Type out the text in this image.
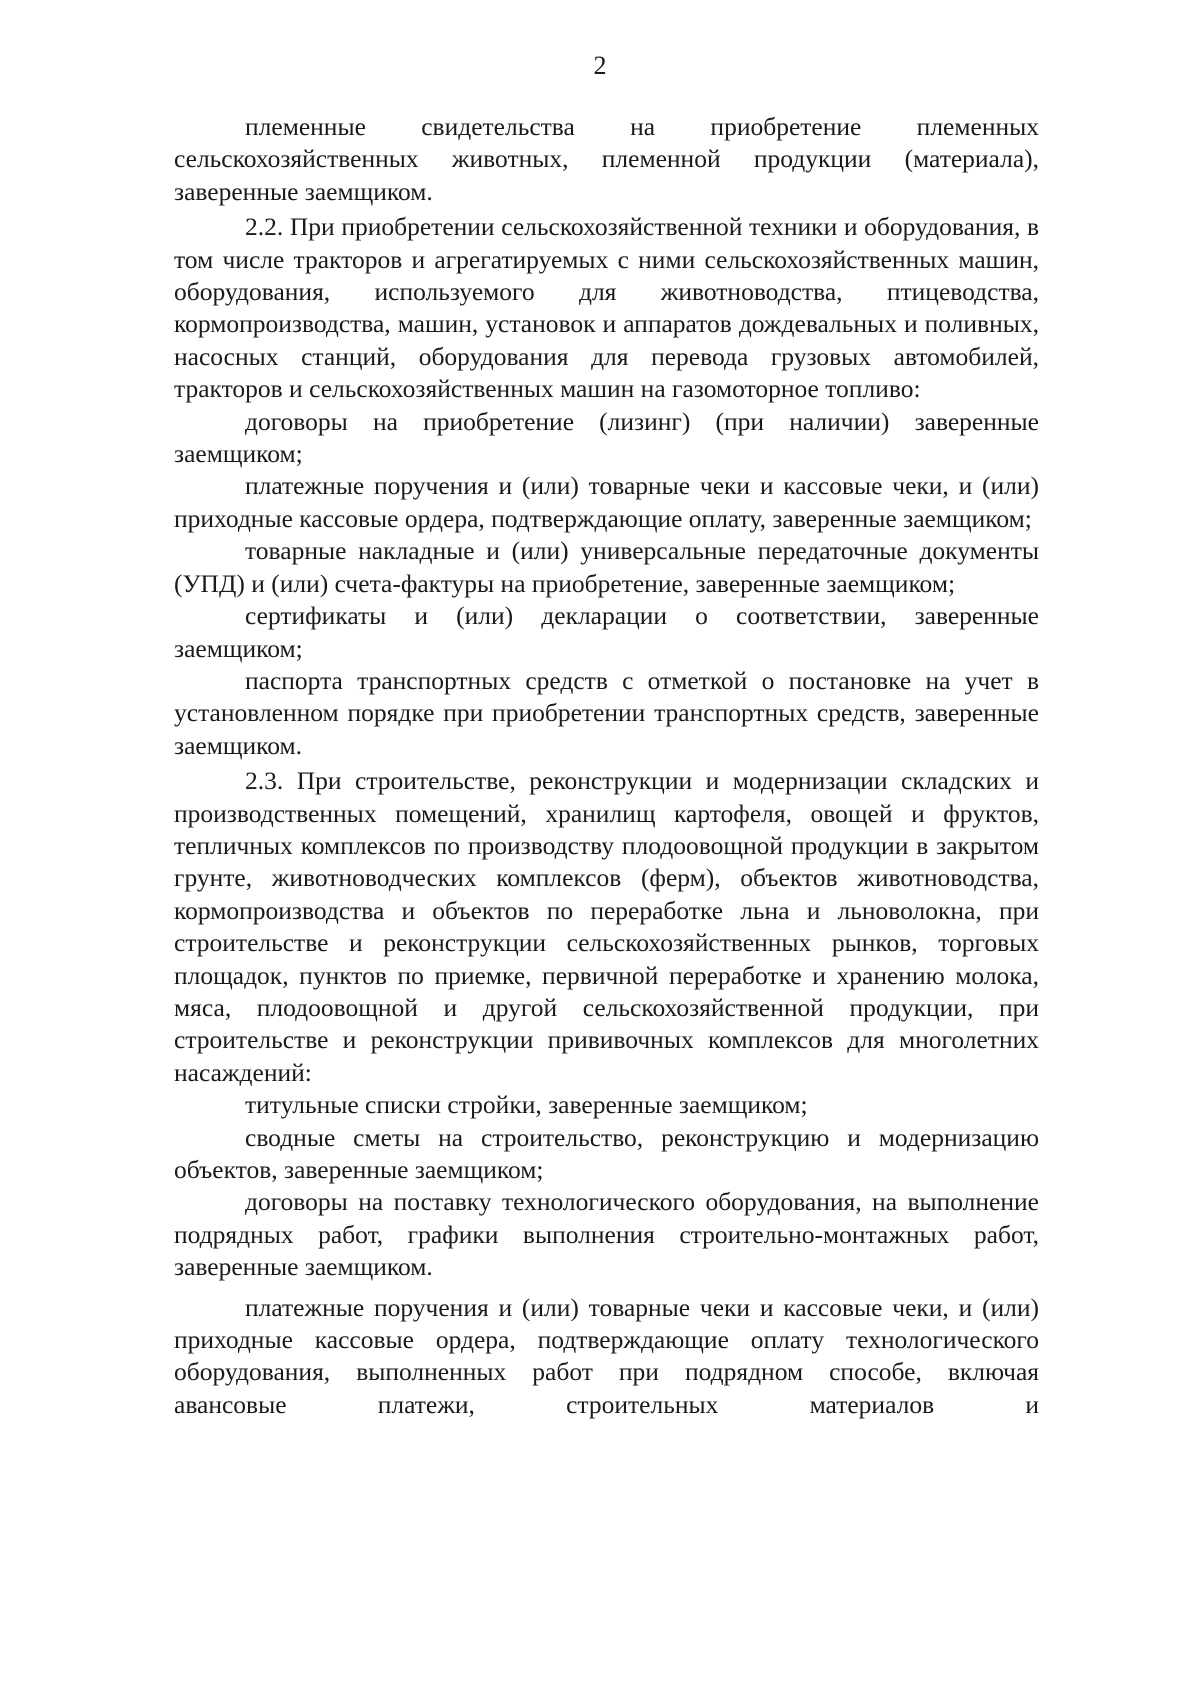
2

племенные свидетельства на приобретение племенных сельскохозяйственных животных, племенной продукции (материала), заверенные заемщиком.

2.2. При приобретении сельскохозяйственной техники и оборудования, в том числе тракторов и агрегатируемых с ними сельскохозяйственных машин, оборудования, используемого для животноводства, птицеводства, кормопроизводства, машин, установок и аппаратов дождевальных и поливных, насосных станций, оборудования для перевода грузовых автомобилей, тракторов и сельскохозяйственных машин на газомоторное топливо:

договоры на приобретение (лизинг) (при наличии) заверенные заемщиком;

платежные поручения и (или) товарные чеки и кассовые чеки, и (или) приходные кассовые ордера, подтверждающие оплату, заверенные заемщиком;

товарные накладные и (или) универсальные передаточные документы (УПД) и (или) счета-фактуры на приобретение, заверенные заемщиком;

сертификаты и (или) декларации о соответствии, заверенные заемщиком;

паспорта транспортных средств с отметкой о постановке на учет в установленном порядке при приобретении транспортных средств, заверенные заемщиком.

2.3. При строительстве, реконструкции и модернизации складских и производственных помещений, хранилищ картофеля, овощей и фруктов, тепличных комплексов по производству плодоовощной продукции в закрытом грунте, животноводческих комплексов (ферм), объектов животноводства, кормопроизводства и объектов по переработке льна и льноволокна, при строительстве и реконструкции сельскохозяйственных рынков, торговых площадок, пунктов по приемке, первичной переработке и хранению молока, мяса, плодоовощной и другой сельскохозяйственной продукции, при строительстве и реконструкции прививочных комплексов для многолетних насаждений:

титульные списки стройки, заверенные заемщиком;

сводные сметы на строительство, реконструкцию и модернизацию объектов, заверенные заемщиком;

договоры на поставку технологического оборудования, на выполнение подрядных работ, графики выполнения строительно-монтажных работ, заверенные заемщиком.

платежные поручения и (или) товарные чеки и кассовые чеки, и (или) приходные кассовые ордера, подтверждающие оплату технологического оборудования, выполненных работ при подрядном способе, включая авансовые платежи, строительных материалов и
